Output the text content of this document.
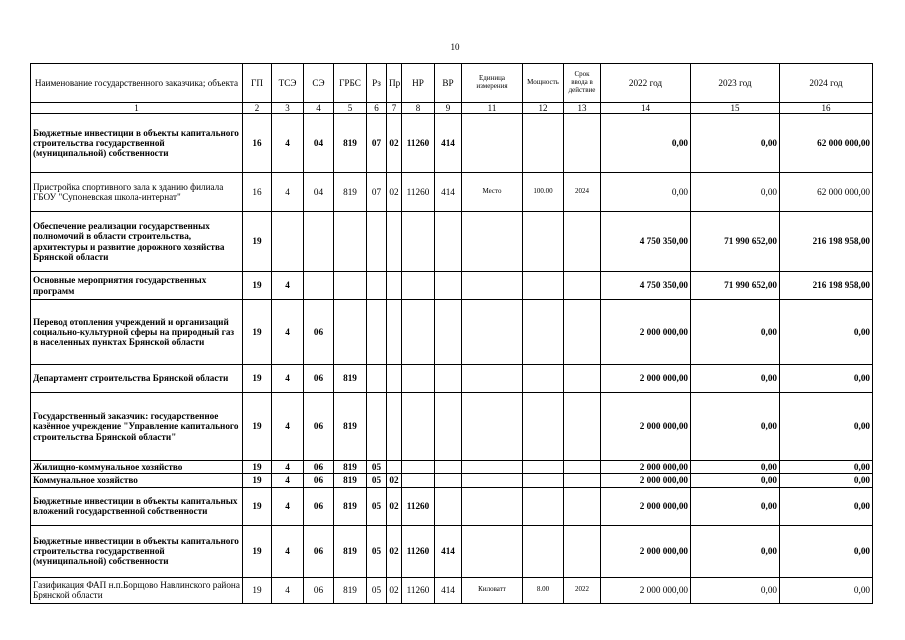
10
Наименование государственного заказчика; объекта	ГП	ТСЭ	СЭ	ГРБС	Рз	Пр	НР	ВР	Единица измерения	Мощность	Срок ввода в действие	2022 год	2023 год	2024 год
1	2	3	4	5	6	7	8	9	11	12	13	14	15	16
Бюджетные инвестиции в объекты капитального строительства государственной (муниципальной) собственности	16	4	04	819	07	02	11260	414				0,00	0,00	62 000 000,00
Пристройка спортивного зала к зданию филиала ГБОУ "Супоневская школа-интернат"	16	4	04	819	07	02	11260	414	Место	100.00	2024	0,00	0,00	62 000 000,00
Обеспечение реализации государственных полномочий в области строительства, архитектуры и развитие дорожного хозяйства Брянской области	19											4 750 350,00	71 990 652,00	216 198 958,00
Основные мероприятия государственных программ	19	4										4 750 350,00	71 990 652,00	216 198 958,00
Перевод отопления учреждений и организаций социально-культурной сферы на природный газ в населенных пунктах Брянской области	19	4	06									2 000 000,00	0,00	0,00
Департамент строительства Брянской области	19	4	06	819								2 000 000,00	0,00	0,00
Государственный заказчик: государственное казённое учреждение "Управление капитального строительства Брянской области"	19	4	06	819								2 000 000,00	0,00	0,00
Жилищно-коммунальное хозяйство	19	4	06	819	05							2 000 000,00	0,00	0,00
Коммунальное хозяйство	19	4	06	819	05	02						2 000 000,00	0,00	0,00
Бюджетные инвестиции в объекты капитальных вложений государственной собственности	19	4	06	819	05	02	11260					2 000 000,00	0,00	0,00
Бюджетные инвестиции в объекты капитального строительства государственной (муниципальной) собственности	19	4	06	819	05	02	11260	414				2 000 000,00	0,00	0,00
Газификация ФАП н.п.Борщово Навлинского района Брянской области	19	4	06	819	05	02	11260	414	Киловатт	8.00	2022	2 000 000,00	0,00	0,00
